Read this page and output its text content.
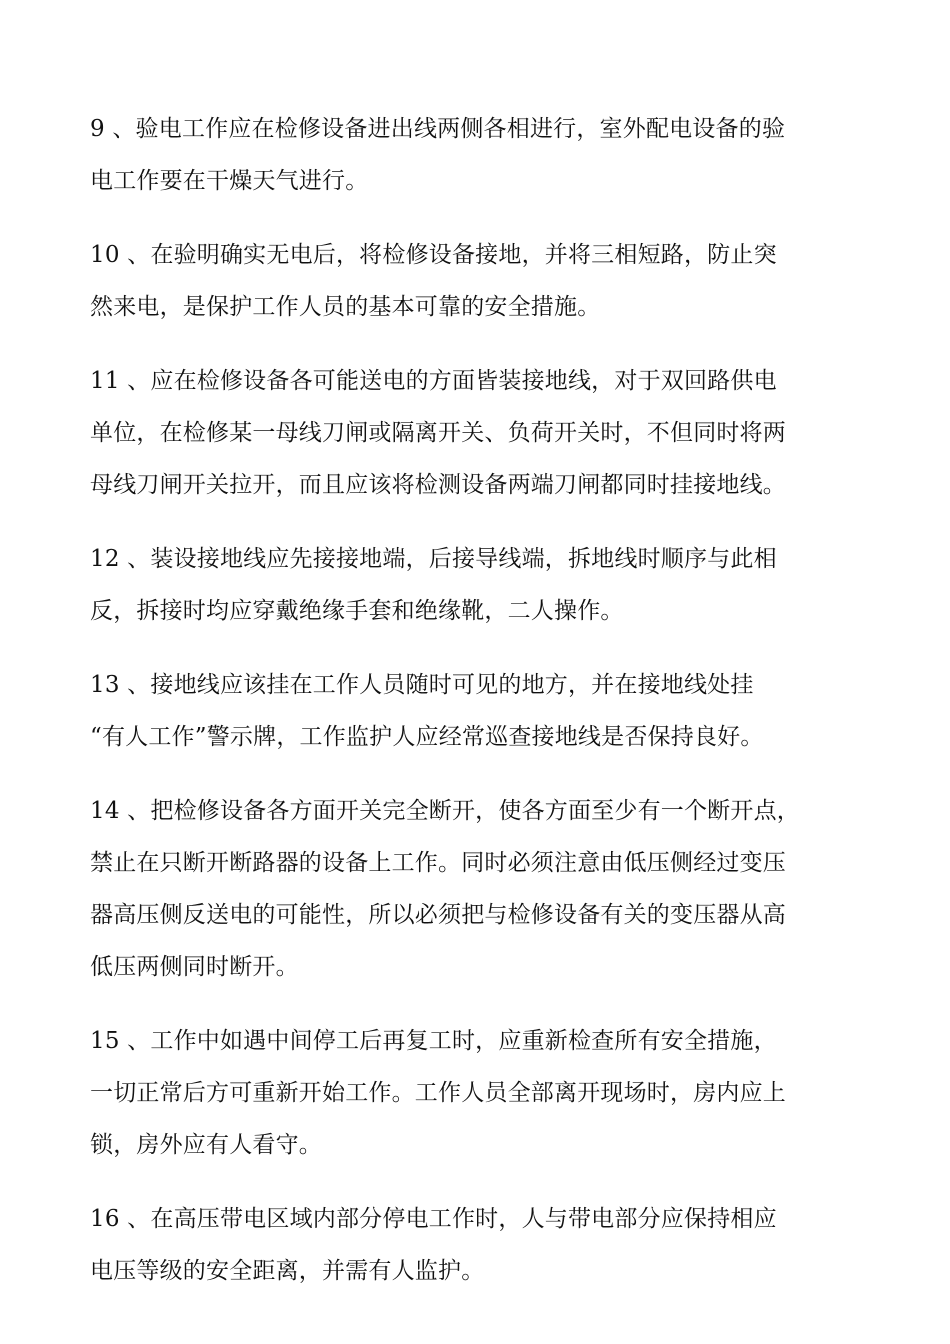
9 、验电工作应在检修设备进出线两侧各相进行，室外配电设备的验
电工作要在干燥天气进行。
10 、在验明确实无电后，将检修设备接地，并将三相短路，防止突
然来电，是保护工作人员的基本可靠的安全措施。
11 、应在检修设备各可能送电的方面皆装接地线，对于双回路供电
单位，在检修某一母线刀闸或隔离开关、负荷开关时，不但同时将两
母线刀闸开关拉开，而且应该将检测设备两端刀闸都同时挂接地线。
12 、装设接地线应先接接地端，后接导线端，拆地线时顺序与此相
反，拆接时均应穿戴绝缘手套和绝缘靴，二人操作。
13 、接地线应该挂在工作人员随时可见的地方，并在接地线处挂
“有人工作”警示牌，工作监护人应经常巡查接地线是否保持良好。
14 、把检修设备各方面开关完全断开，使各方面至少有一个断开点，
禁止在只断开断路器的设备上工作。同时必须注意由低压侧经过变压
器高压侧反送电的可能性，所以必须把与检修设备有关的变压器从高
低压两侧同时断开。
15 、工作中如遇中间停工后再复工时，应重新检查所有安全措施，
一切正常后方可重新开始工作。工作人员全部离开现场时，房内应上
锁，房外应有人看守。
16 、在高压带电区域内部分停电工作时，人与带电部分应保持相应
电压等级的安全距离，并需有人监护。
